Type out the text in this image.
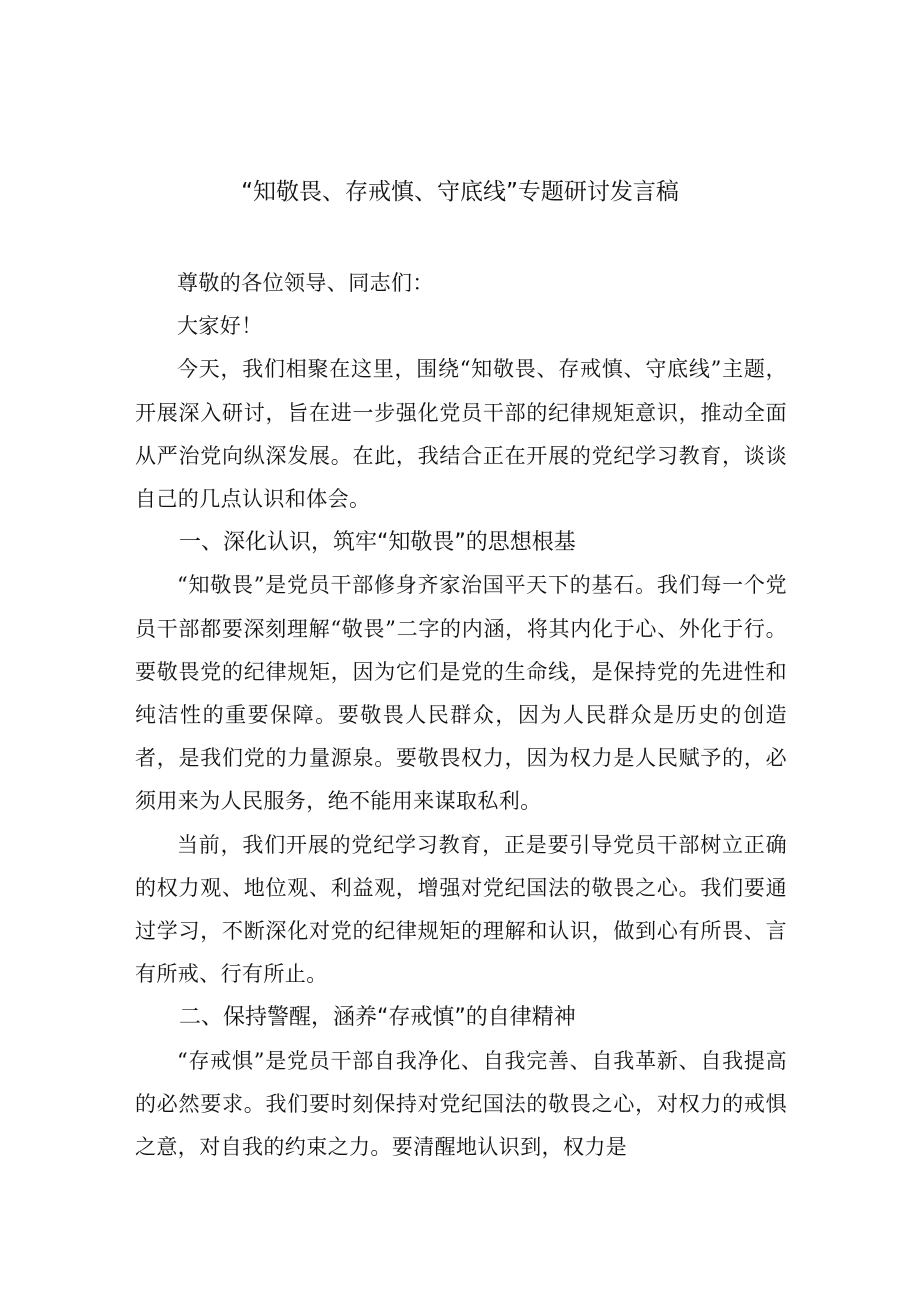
“知敬畏、存戒慎、守底线”专题研讨发言稿

尊敬的各位领导、同志们：

大家好！

今天，我们相聚在这里，围绕“知敬畏、存戒慎、守底线”主题，开展深入研讨，旨在进一步强化党员干部的纪律规矩意识，推动全面从严治党向纵深发展。在此，我结合正在开展的党纪学习教育，谈谈自己的几点认识和体会。

一、深化认识，筑牢“知敬畏”的思想根基

“知敬畏”是党员干部修身齐家治国平天下的基石。我们每一个党员干部都要深刻理解“敬畏”二字的内涵，将其内化于心、外化于行。要敬畏党的纪律规矩，因为它们是党的生命线，是保持党的先进性和纯洁性的重要保障。要敬畏人民群众，因为人民群众是历史的创造者，是我们党的力量源泉。要敬畏权力，因为权力是人民赋予的，必须用来为人民服务，绝不能用来谋取私利。

当前，我们开展的党纪学习教育，正是要引导党员干部树立正确的权力观、地位观、利益观，增强对党纪国法的敬畏之心。我们要通过学习，不断深化对党的纪律规矩的理解和认识，做到心有所畏、言有所戒、行有所止。

二、保持警醒，涵养“存戒慎”的自律精神

“存戒惧”是党员干部自我净化、自我完善、自我革新、自我提高的必然要求。我们要时刻保持对党纪国法的敬畏之心，对权力的戒惧之意，对自我的约束之力。要清醒地认识到，权力是
